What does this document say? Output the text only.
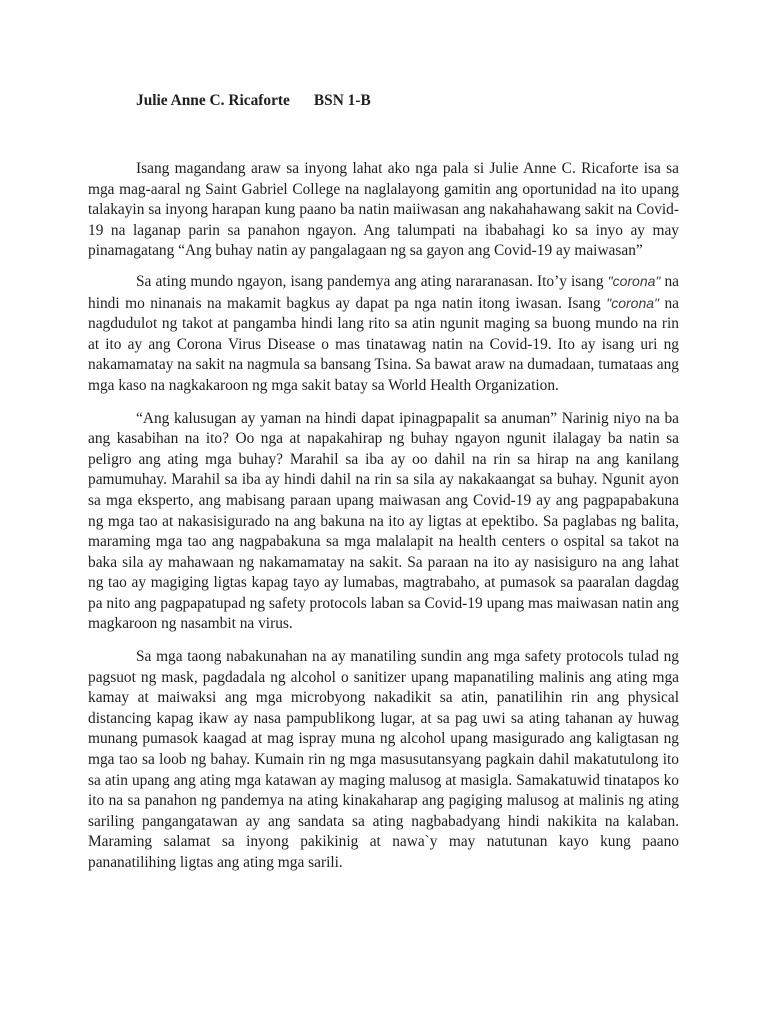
Julie Anne C. Ricaforte BSN 1-B

Isang magandang araw sa inyong lahat ako nga pala si Julie Anne C. Ricaforte isa sa mga mag-aaral ng Saint Gabriel College na naglalayong gamitin ang oportunidad na ito upang talakayin sa inyong harapan kung paano ba natin maiiwasan ang nakahahawang sakit na Covid-19 na laganap parin sa panahon ngayon. Ang talumpati na ibabahagi ko sa inyo ay may pinamagatang “Ang buhay natin ay pangalagaan ng sa gayon ang Covid-19 ay maiwasan”

Sa ating mundo ngayon, isang pandemya ang ating nararanasan. Ito’y isang "corona" na hindi mo ninanais na makamit bagkus ay dapat pa nga natin itong iwasan. Isang "corona" na nagdudulot ng takot at pangamba hindi lang rito sa atin ngunit maging sa buong mundo na rin at ito ay ang Corona Virus Disease o mas tinatawag natin na Covid-19. Ito ay isang uri ng nakamamatay na sakit na nagmula sa bansang Tsina. Sa bawat araw na dumadaan, tumataas ang mga kaso na nagkakaroon ng mga sakit batay sa World Health Organization.

“Ang kalusugan ay yaman na hindi dapat ipinagpapalit sa anuman” Narinig niyo na ba ang kasabihan na ito? Oo nga at napakahirap ng buhay ngayon ngunit ilalagay ba natin sa peligro ang ating mga buhay? Marahil sa iba ay oo dahil na rin sa hirap na ang kanilang pamumuhay. Marahil sa iba ay hindi dahil na rin sa sila ay nakakaangat sa buhay. Ngunit ayon sa mga eksperto, ang mabisang paraan upang maiwasan ang Covid-19 ay ang pagpapabakuna ng mga tao at nakasisigurado na ang bakuna na ito ay ligtas at epektibo. Sa paglabas ng balita, maraming mga tao ang nagpabakuna sa mga malalapit na health centers o ospital sa takot na baka sila ay mahawaan ng nakamamatay na sakit. Sa paraan na ito ay nasisiguro na ang lahat ng tao ay magiging ligtas kapag tayo ay lumabas, magtrabaho, at pumasok sa paaralan dagdag pa nito ang pagpapatupad ng safety protocols laban sa Covid-19 upang mas maiwasan natin ang magkaroon ng nasambit na virus.

Sa mga taong nabakunahan na ay manatiling sundin ang mga safety protocols tulad ng pagsuot ng mask, pagdadala ng alcohol o sanitizer upang mapanatiling malinis ang ating mga kamay at maiwaksi ang mga microbyong nakadikit sa atin, panatilihin rin ang physical distancing kapag ikaw ay nasa pampublikong lugar, at sa pag uwi sa ating tahanan ay huwag munang pumasok kaagad at mag ispray muna ng alcohol upang masigurado ang kaligtasan ng mga tao sa loob ng bahay. Kumain rin ng mga masusutansyang pagkain dahil makatutulong ito sa atin upang ang ating mga katawan ay maging malusog at masigla. Samakatuwid tinatapos ko ito na sa panahon ng pandemya na ating kinakaharap ang pagiging malusog at malinis ng ating sariling pangangatawan ay ang sandata sa ating nagbabadyang hindi nakikita na kalaban. Maraming salamat sa inyong pakikinig at nawa`y may natutunan kayo kung paano pananatilihing ligtas ang ating mga sarili.
